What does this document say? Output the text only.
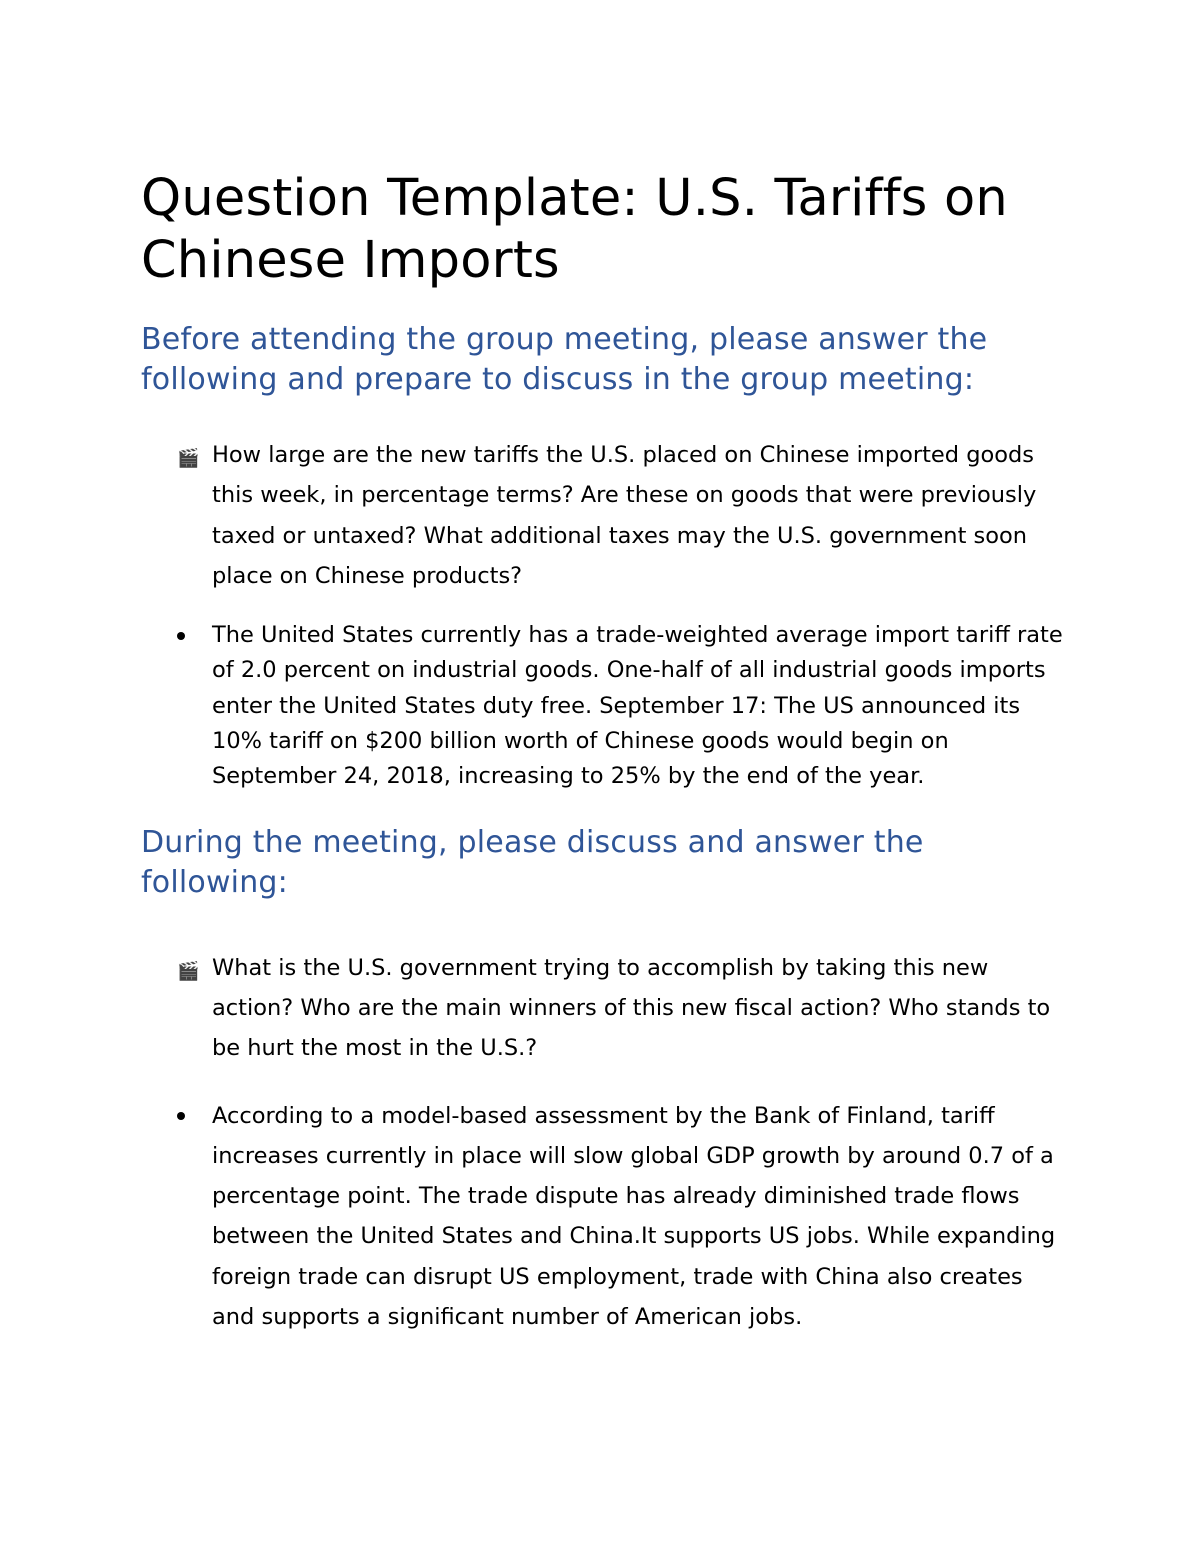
Question Template: U.S. Tariffs on Chinese Imports
Before attending the group meeting, please answer the following and prepare to discuss in the group meeting:
🎬 How large are the new tariffs the U.S. placed on Chinese imported goods this week, in percentage terms? Are these on goods that were previously taxed or untaxed? What additional taxes may the U.S. government soon place on Chinese products?
The United States currently has a trade-weighted average import tariff rate of 2.0 percent on industrial goods. One-half of all industrial goods imports enter the United States duty free. September 17: The US announced its 10% tariff on $200 billion worth of Chinese goods would begin on September 24, 2018, increasing to 25% by the end of the year.
During the meeting, please discuss and answer the following:
🎬 What is the U.S. government trying to accomplish by taking this new action? Who are the main winners of this new fiscal action? Who stands to be hurt the most in the U.S.?
According to a model-based assessment by the Bank of Finland, tariff increases currently in place will slow global GDP growth by around 0.7 of a percentage point. The trade dispute has already diminished trade flows between the United States and China.It supports US jobs. While expanding foreign trade can disrupt US employment, trade with China also creates and supports a significant number of American jobs.
